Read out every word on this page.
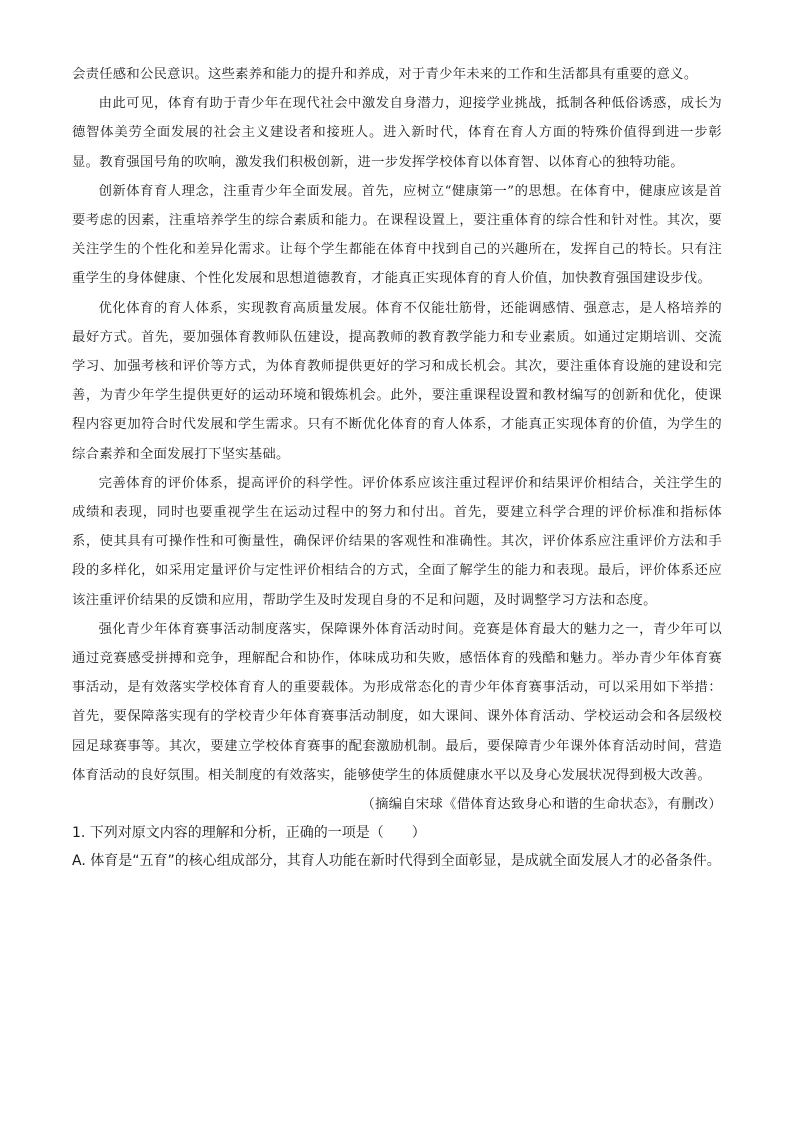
会责任感和公民意识。这些素养和能力的提升和养成，对于青少年未来的工作和生活都具有重要的意义。

由此可见，体育有助于青少年在现代社会中激发自身潜力，迎接学业挑战，抵制各种低俗诱惑，成长为德智体美劳全面发展的社会主义建设者和接班人。进入新时代，体育在育人方面的特殊价值得到进一步彰显。教育强国号角的吹响，激发我们积极创新，进一步发挥学校体育以体育智、以体育心的独特功能。

创新体育育人理念，注重青少年全面发展。首先，应树立“健康第一”的思想。在体育中，健康应该是首要考虑的因素，注重培养学生的综合素质和能力。在课程设置上，要注重体育的综合性和针对性。其次，要关注学生的个性化和差异化需求。让每个学生都能在体育中找到自己的兴趣所在，发挥自己的特长。只有注重学生的身体健康、个性化发展和思想道德教育，才能真正实现体育的育人价值，加快教育强国建设步伐。

优化体育的育人体系，实现教育高质量发展。体育不仅能壮筋骨，还能调感情、强意志，是人格培养的最好方式。首先，要加强体育教师队伍建设，提高教师的教育教学能力和专业素质。如通过定期培训、交流学习、加强考核和评价等方式，为体育教师提供更好的学习和成长机会。其次，要注重体育设施的建设和完善，为青少年学生提供更好的运动环境和锻炼机会。此外，要注重课程设置和教材编写的创新和优化，使课程内容更加符合时代发展和学生需求。只有不断优化体育的育人体系，才能真正实现体育的价值，为学生的综合素养和全面发展打下坚实基础。

完善体育的评价体系，提高评价的科学性。评价体系应该注重过程评价和结果评价相结合，关注学生的成绩和表现，同时也要重视学生在运动过程中的努力和付出。首先，要建立科学合理的评价标准和指标体系，使其具有可操作性和可衡量性，确保评价结果的客观性和准确性。其次，评价体系应注重评价方法和手段的多样化，如采用定量评价与定性评价相结合的方式，全面了解学生的能力和表现。最后，评价体系还应该注重评价结果的反馈和应用，帮助学生及时发现自身的不足和问题，及时调整学习方法和态度。

强化青少年体育赛事活动制度落实，保障课外体育活动时间。竞赛是体育最大的魅力之一，青少年可以通过竞赛感受拼搏和竞争，理解配合和协作，体味成功和失败，感悟体育的残酷和魅力。举办青少年体育赛事活动，是有效落实学校体育育人的重要载体。为形成常态化的青少年体育赛事活动，可以采用如下举措：首先，要保障落实现有的学校青少年体育赛事活动制度，如大课间、课外体育活动、学校运动会和各层级校园足球赛事等。其次，要建立学校体育赛事的配套激励机制。最后，要保障青少年课外体育活动时间，营造体育活动的良好氛围。相关制度的有效落实，能够使学生的体质健康水平以及身心发展状况得到极大改善。

（摘编自宋球《借体育达致身心和谐的生命状态》，有删改）

1. 下列对原文内容的理解和分析，正确的一项是（　　）

A. 体育是“五育”的核心组成部分，其育人功能在新时代得到全面彰显，是成就全面发展人才的必备条件。
